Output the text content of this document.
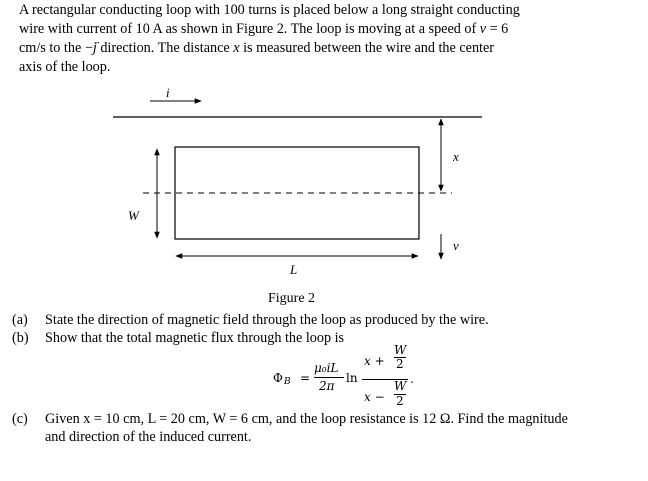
A rectangular conducting loop with 100 turns is placed below a long straight conducting

wire with current of 10 A as shown in Figure 2. The loop is moving at a speed of v = 6

cm/s to the −→ j direction. The distance x is measured between the wire and the center

axis of the loop.

i
x
W
v
L
Figure 2
(a) State the direction of magnetic field through the loop as produced by the wire.
(b) Show that the total magnetic flux through the loop is
Φ B =
μ₀iL
2π
ln
x +
W
2
x −
W
2
.
(c) Given x = 10 cm, L = 20 cm, W = 6 cm, and the loop resistance is 12 Ω. Find the magnitude
and direction of the induced current.
